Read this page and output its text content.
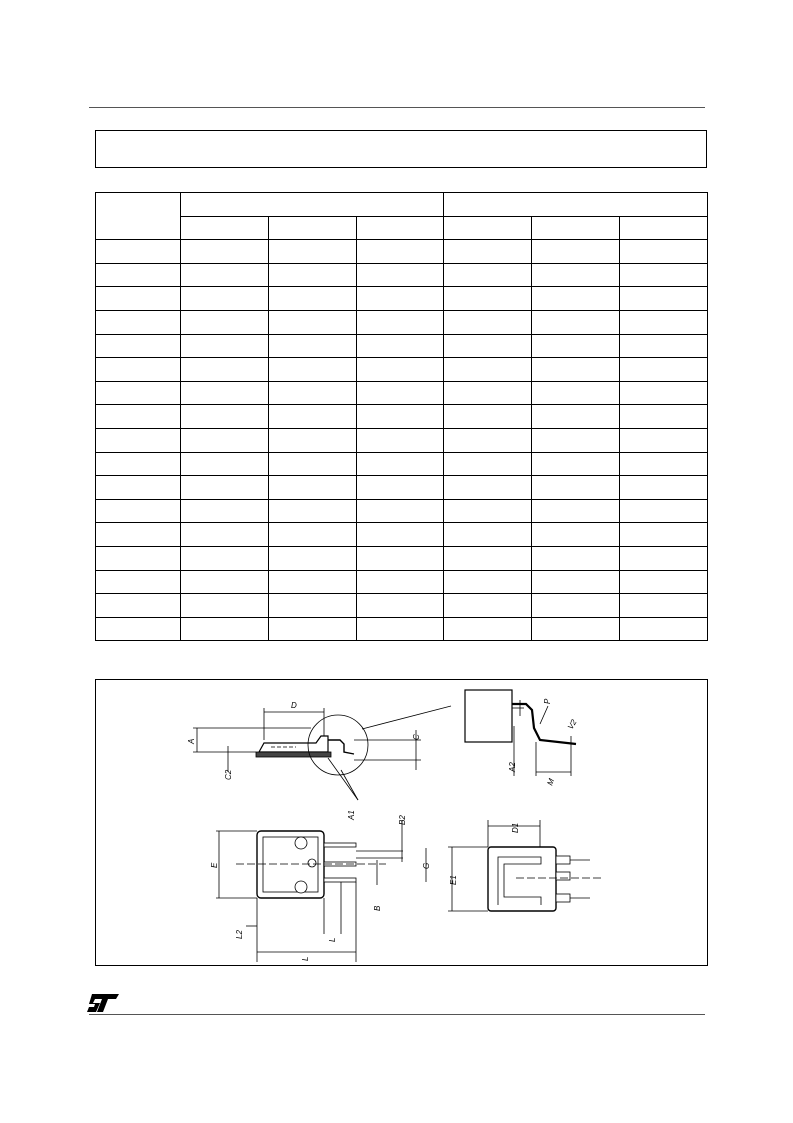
D
A
C2
A1
C
P
V2
A2
M
B2
E	G
B
L2
L
L
D1
E1
